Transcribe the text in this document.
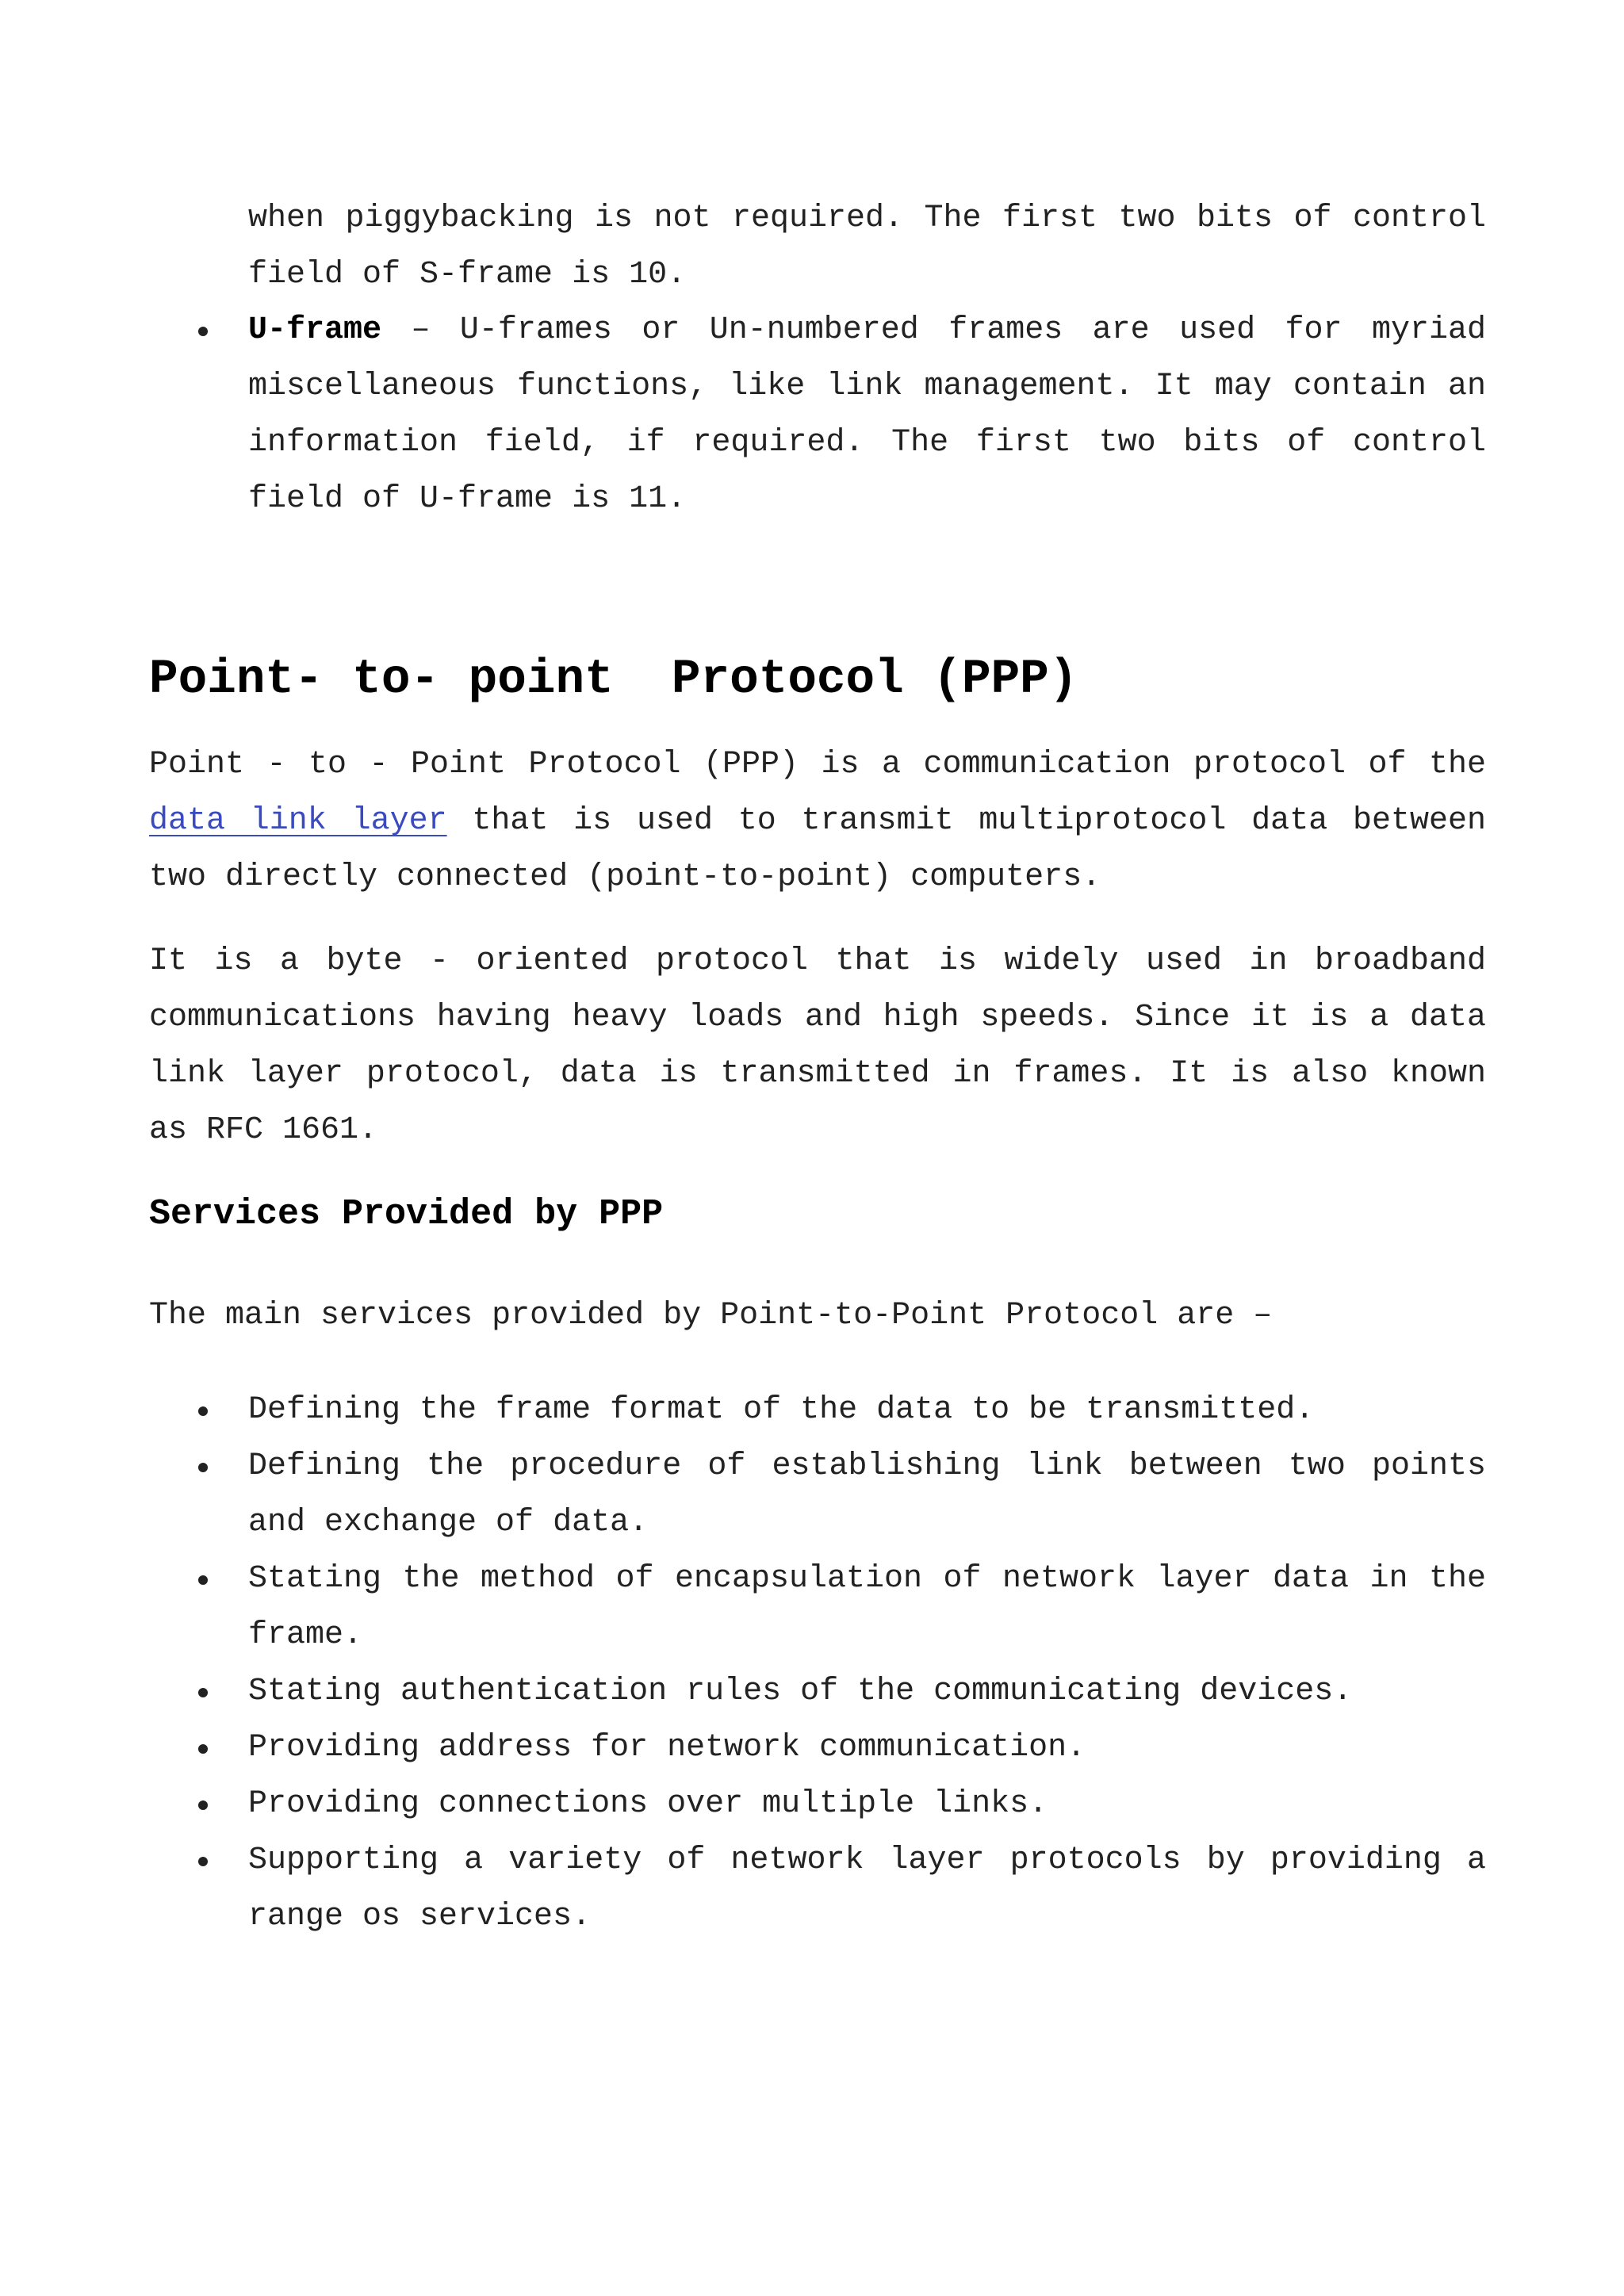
when piggybacking is not required. The first two bits of control field of S-frame is 10.

U-frame – U-frames or Un-numbered frames are used for myriad miscellaneous functions, like link management. It may contain an information field, if required. The first two bits of control field of U-frame is 11.
Point- to- point  Protocol (PPP)

Point - to - Point Protocol (PPP) is a communication protocol of the data link layer that is used to transmit multiprotocol data between two directly connected (point-to-point) computers.

It is a byte - oriented protocol that is widely used in broadband communications having heavy loads and high speeds. Since it is a data link layer protocol, data is transmitted in frames. It is also known as RFC 1661.

Services Provided by PPP

The main services provided by Point-to-Point Protocol are –

Defining the frame format of the data to be transmitted.
Defining the procedure of establishing link between two points and exchange of data.
Stating the method of encapsulation of network layer data in the frame.
Stating authentication rules of the communicating devices.
Providing address for network communication.
Providing connections over multiple links.
Supporting a variety of network layer protocols by providing a range os services.
